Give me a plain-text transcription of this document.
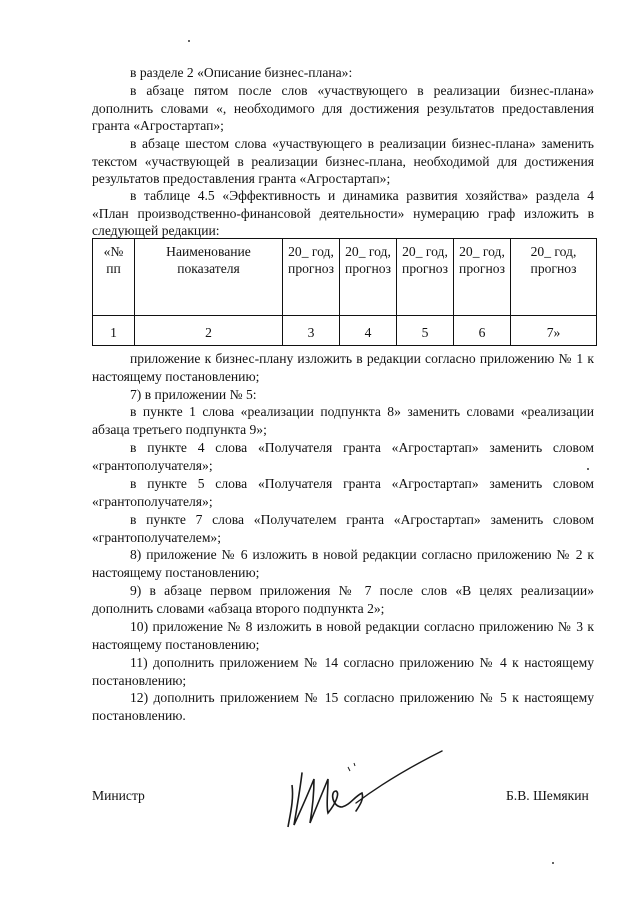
в разделе 2 «Описание бизнес-плана»:

в абзаце пятом после слов «участвующего в реализации бизнес-плана» дополнить словами «, необходимого для достижения результатов предоставления гранта «Агростартап»;

в абзаце шестом слова «участвующего в реализации бизнес-плана» заменить текстом «участвующей в реализации бизнес-плана, необходимой для достижения результатов предоставления гранта «Агростартап»;

в таблице 4.5 «Эффективность и динамика развития хозяйства» раздела 4 «План производственно-финансовой деятельности» нумерацию граф изложить в следующей редакции:

«№ пп	Наименование показателя	20_ год, прогноз	20_ год, прогноз	20_ год, прогноз	20_ год, прогноз	20_ год, прогноз
1	2	3	4	5	6	7»

приложение к бизнес-плану изложить в редакции согласно приложению № 1 к настоящему постановлению;

7) в приложении № 5:

в пункте 1 слова «реализации подпункта 8» заменить словами «реализации абзаца третьего подпункта 9»;

в пункте 4 слова «Получателя гранта «Агростартап» заменить словом «грантополучателя»;

в пункте 5 слова «Получателя гранта «Агростартап» заменить словом «грантополучателя»;

в пункте 7 слова «Получателем гранта «Агростартап» заменить словом «грантополучателем»;

8) приложение № 6 изложить в новой редакции согласно приложению № 2 к настоящему постановлению;

9) в абзаце первом приложения № 7 после слов «В целях реализации» дополнить словами «абзаца второго подпункта 2»;

10) приложение № 8 изложить в новой редакции согласно приложению № 3 к настоящему постановлению;

11) дополнить приложением № 14 согласно приложению № 4 к настоящему постановлению;

12) дополнить приложением № 15 согласно приложению № 5 к настоящему постановлению.

Министр	Б.В. Шемякин
